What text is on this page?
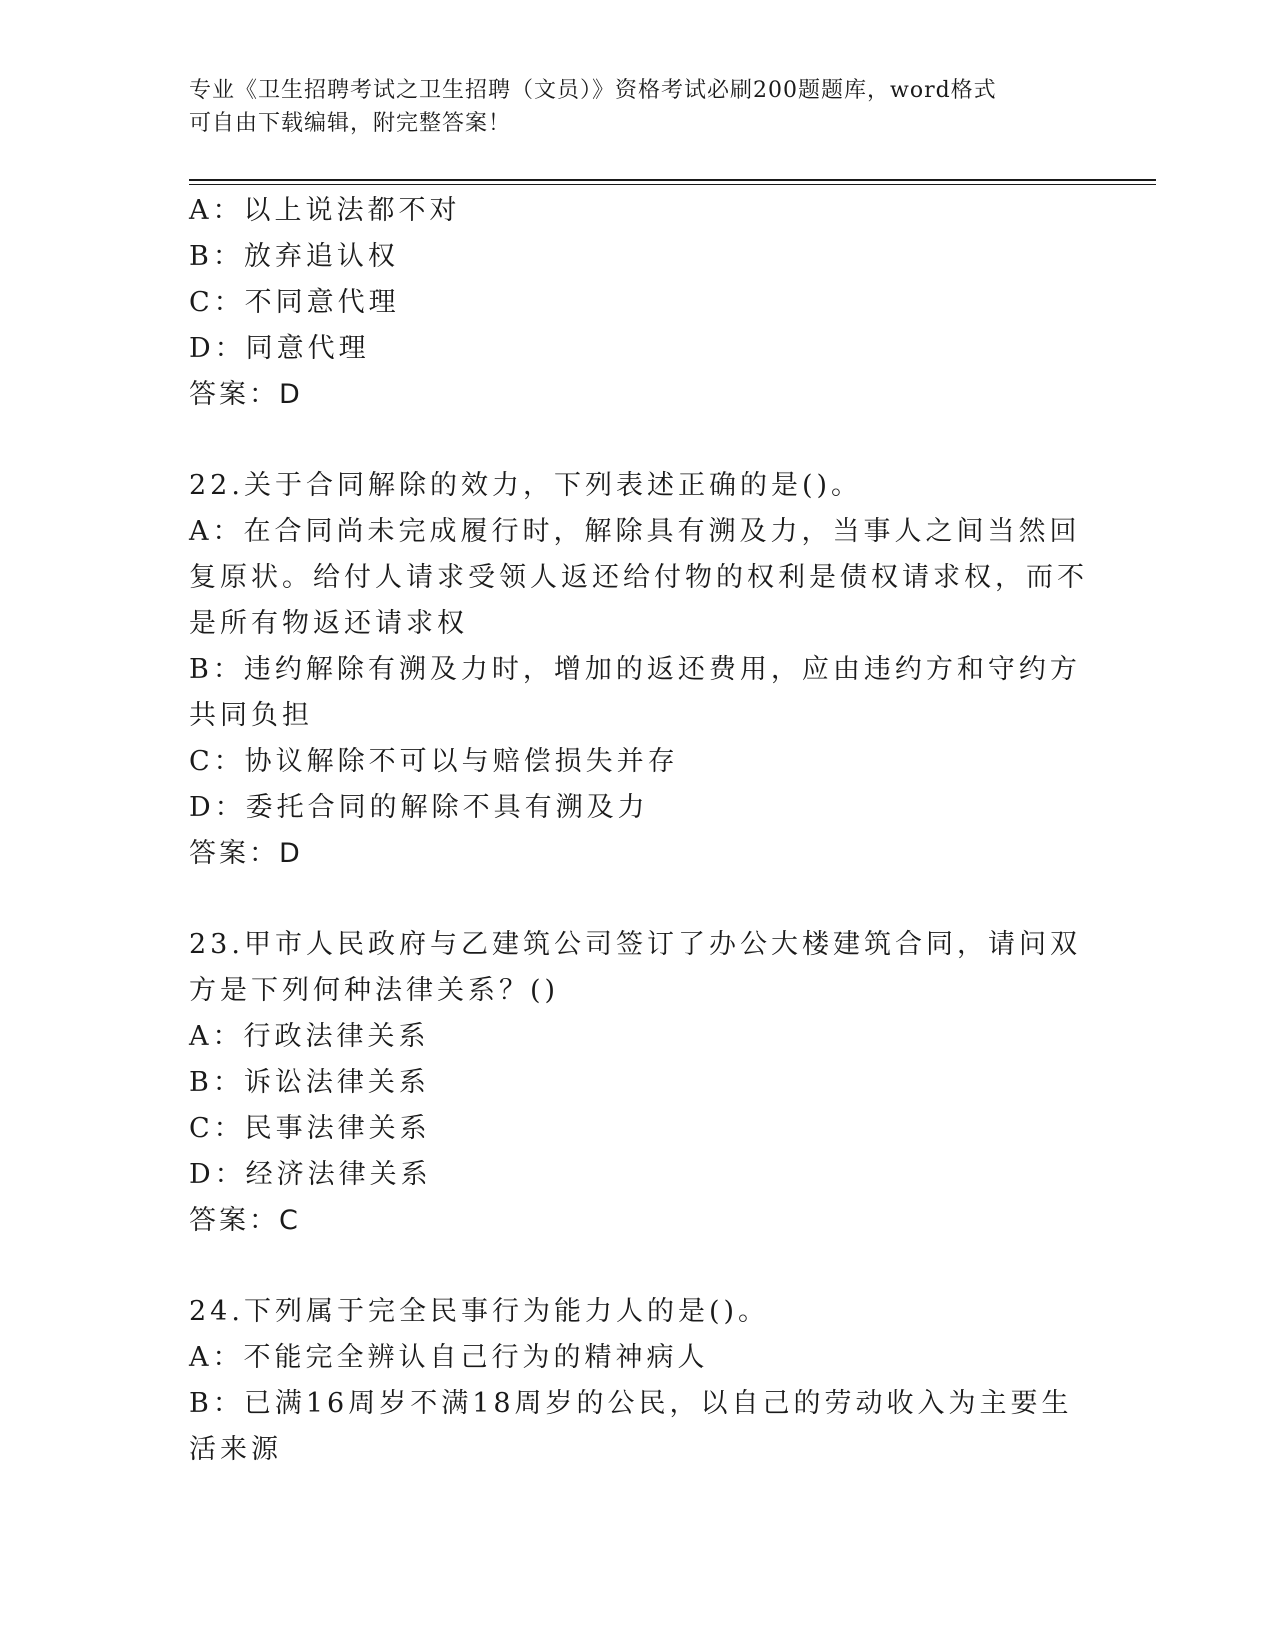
专业《卫生招聘考试之卫生招聘（文员）》资格考试必刷200题题库，word格式
可自由下载编辑，附完整答案！

A：以上说法都不对

B：放弃追认权

C：不同意代理

D：同意代理

答案：D

22.关于合同解除的效力，下列表述正确的是()。

A：在合同尚未完成履行时，解除具有溯及力，当事人之间当然回复原状。给付人请求受领人返还给付物的权利是债权请求权，而不是所有物返还请求权

B：违约解除有溯及力时，增加的返还费用，应由违约方和守约方共同负担

C：协议解除不可以与赔偿损失并存

D：委托合同的解除不具有溯及力

答案：D

23.甲市人民政府与乙建筑公司签订了办公大楼建筑合同，请问双方是下列何种法律关系？()

A：行政法律关系

B：诉讼法律关系

C：民事法律关系

D：经济法律关系

答案：C

24.下列属于完全民事行为能力人的是()。

A：不能完全辨认自己行为的精神病人

B：已满16周岁不满18周岁的公民，以自己的劳动收入为主要生活来源
